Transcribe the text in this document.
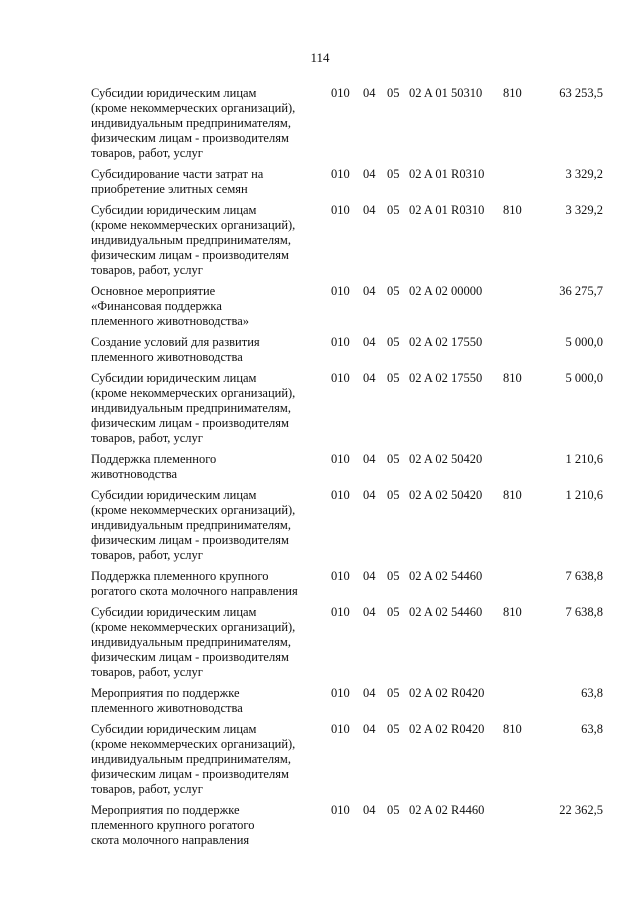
114
Субсидии юридическим лицам
(кроме некоммерческих организаций),
индивидуальным предпринимателям,
физическим лицам - производителям
товаров, работ, услуг
010 04 05 02 A 01 50310 810	63 253,5
Субсидирование части затрат на
приобретение элитных семян
010 04 05 02 A 01 R0310	3 329,2
Субсидии юридическим лицам
(кроме некоммерческих организаций),
индивидуальным предпринимателям,
физическим лицам - производителям
товаров, работ, услуг
010 04 05 02 A 01 R0310 810	3 329,2
Основное мероприятие
«Финансовая поддержка
племенного животноводства»
010 04 05 02 A 02 00000	36 275,7
Создание условий для развития
племенного животноводства
010 04 05 02 A 02 17550	5 000,0
Субсидии юридическим лицам
(кроме некоммерческих организаций),
индивидуальным предпринимателям,
физическим лицам - производителям
товаров, работ, услуг
010 04 05 02 A 02 17550 810	5 000,0
Поддержка племенного
животноводства
010 04 05 02 A 02 50420	1 210,6
Субсидии юридическим лицам
(кроме некоммерческих организаций),
индивидуальным предпринимателям,
физическим лицам - производителям
товаров, работ, услуг
010 04 05 02 A 02 50420 810	1 210,6
Поддержка племенного крупного
рогатого скота молочного направления
010 04 05 02 A 02 54460	7 638,8
Субсидии юридическим лицам
(кроме некоммерческих организаций),
индивидуальным предпринимателям,
физическим лицам - производителям
товаров, работ, услуг
010 04 05 02 A 02 54460 810	7 638,8
Мероприятия по поддержке
племенного животноводства
010 04 05 02 A 02 R0420	63,8
Субсидии юридическим лицам
(кроме некоммерческих организаций),
индивидуальным предпринимателям,
физическим лицам - производителям
товаров, работ, услуг
010 04 05 02 A 02 R0420 810	63,8
Мероприятия по поддержке
племенного крупного рогатого
скота молочного направления
010 04 05 02 A 02 R4460	22 362,5
